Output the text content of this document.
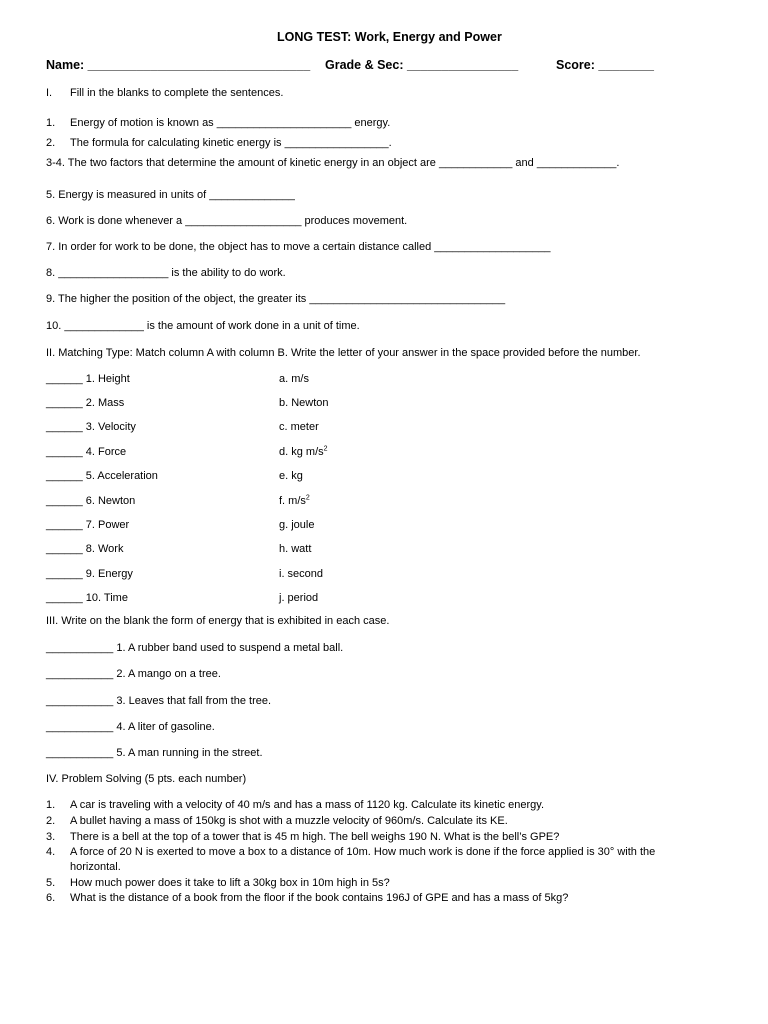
LONG TEST: Work, Energy and Power
Name: ________________________________ Grade & Sec: ________________	Score: ________
I. Fill in the blanks to complete the sentences.
1. Energy of motion is known as ______________________ energy.
2. The formula for calculating kinetic energy is _________________.
3-4. The two factors that determine the amount of kinetic energy in an object are ____________ and _____________.
5. Energy is measured in units of ______________
6. Work is done whenever a ___________________ produces movement.
7. In order for work to be done, the object has to move a certain distance called ___________________
8. __________________ is the ability to do work.
9. The higher the position of the object, the greater its ________________________________
10. _____________ is the amount of work done in a unit of time.
II. Matching Type: Match column A with column B. Write the letter of your answer in the space provided before the number.
______ 1. Height	a. m/s
______ 2. Mass	b. Newton
______ 3. Velocity	c. meter
______ 4. Force	d. kg $m/s^2$
______ 5. Acceleration	e. kg
______ 6. Newton	f. $m/s^2$
______ 7. Power	g. joule
______ 8. Work	h. watt
______ 9. Energy	i. second
______ 10. Time	j. period
III. Write on the blank the form of energy that is exhibited in each case.
___________ 1. A rubber band used to suspend a metal ball.
___________ 2. A mango on a tree.
___________ 3. Leaves that fall from the tree.
___________ 4. A liter of gasoline.
___________ 5. A man running in the street.
IV. Problem Solving (5 pts. each number)
1. A car is traveling with a velocity of 40 m/s and has a mass of 1120 kg. Calculate its kinetic energy.
2. A bullet having a mass of 150kg is shot with a muzzle velocity of 960m/s. Calculate its KE.
3. There is a bell at the top of a tower that is 45 m high. The bell weighs 190 N. What is the bell’s GPE?
4. A force of 20 N is exerted to move a box to a distance of 10m. How much work is done if the force applied is 30° with the
horizontal.
5. How much power does it take to lift a 30kg box in 10m high in 5s?
6. What is the distance of a book from the floor if the book contains 196J of GPE and has a mass of 5kg?
